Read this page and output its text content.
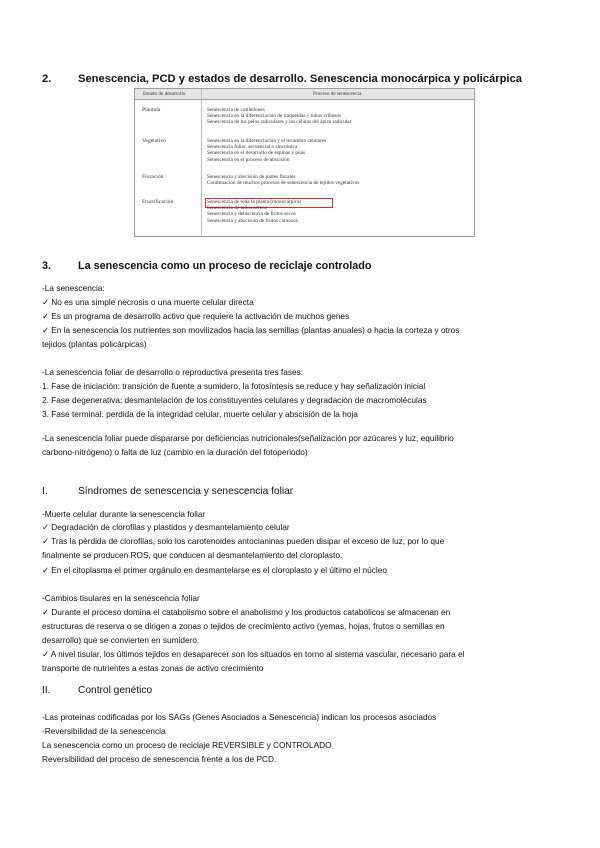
2. Senescencia, PCD y estados de desarrollo. Senescencia monocárpica y policárpica
Estado de desarrollo	Proceso de senescencia
Plántula	Senescencia de cotiledones
Senescencia en la diferenciación de traqueidas y tubos cribosos
Senescencia de los pelos radiculares y las células del ápice radicular
Vegetativo	Senescencia en la diferenciación y el recambio celulares
Senescencia foliar, secuencial o sincrónica
Senescencia en el desarrollo de espinas y púas
Senescencia en el proceso de abscisión
Floración	Senescencia y abscisión de partes florales
Continuación de muchos procesos de senescencia de tejidos vegetativos
Fructificación	Senescencia de toda la planta (monocárpica)
Senescencia de tallos aéreos
Senescencia y dehiscencia de frutos secos
Senescencia y abscisión de frutos carnosos
3. La senescencia como un proceso de reciclaje controlado
-La senescencia:
✓ No es una simple necrosis o una muerte celular directa
✓ Es un programa de desarrollo activo que requiere la activación de muchos genes
✓ En la senescencia los nutrientes son movilizados hacia las semillas (plantas anuales) o hacia la corteza y otros
tejidos (plantas policárpicas)
-La senescencia foliar de desarrollo o reproductiva presenta tres fases:
1. Fase de iniciación: transición de fuente a sumidero, la fotosíntesis se reduce y hay señalización inicial
2. Fase degenerativa: desmantelación de los constituyentes celulares y degradación de macromoléculas
3. Fase terminal: perdida de la integridad celular, muerte celular y abscisión de la hoja
-La senescencia foliar puede dispararse por deficiencias nutricionales(señalización por azúcares y luz, equilibrio
carbono-nitrógeno) o falta de luz (cambio en la duración del fotoperiodo)
I.	Síndromes de senescencia y senescencia foliar
-Muerte celular durante la senescencia foliar
✓ Degradación de clorofilas y plastidos y desmantelamiento celular
✓ Tras la pérdida de clorofilas, solo los carotenoides antocianinas pueden disipar el exceso de luz, por lo que
finalmente se producen ROS, que conducen al desmantelamiento del cloroplasto.
✓ En el citoplasma el primer orgánulo en desmantelarse es el cloroplasto y el último el núcleo
-Cambios tisulares en la senescencia foliar
✓ Durante el proceso domina el catabolismo sobre el anabolismo y los productos catabólicos se almacenan en
estructuras de reserva o se dirigen a zonas o tejidos de crecimiento activo (yemas, hojas, frutos o semillas en
desarrollo) que se convierten en sumidero.
✓ A nivel tisular, los últimos tejidos en desaparecer son los situados en torno al sistema vascular, necesario para el
transporte de nutrientes a estas zonas de activo crecimiento
II.	Control genético
-Las proteínas codificadas por los SAGs (Genes Asociados a Senescencia) indican los procesos asociados
-Reversibilidad de la senescencia
La senescencia como un proceso de reciclaje REVERSIBLE y CONTROLADO
Reversibilidad del proceso de senescencia frente a los de PCD.
